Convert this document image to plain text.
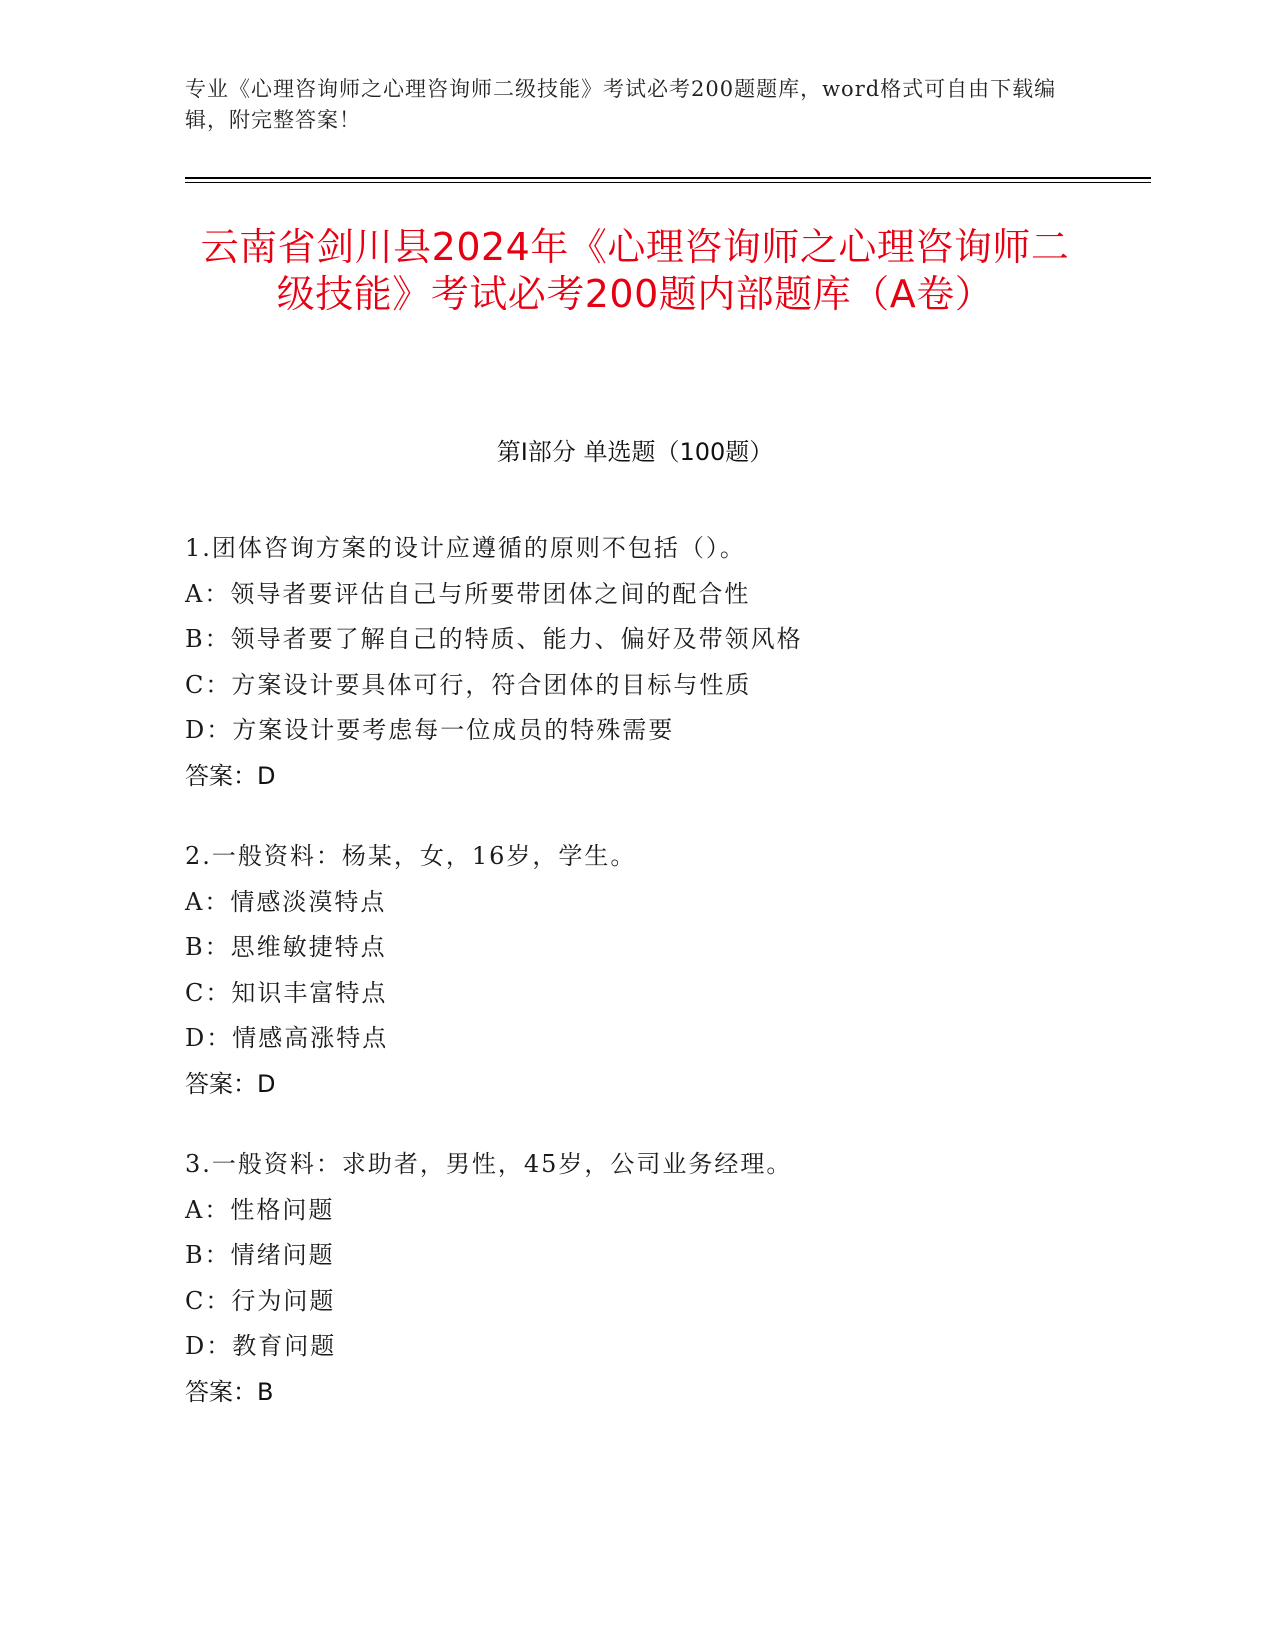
专业《心理咨询师之心理咨询师二级技能》考试必考200题题库，word格式可自由下载编辑，附完整答案！
云南省剑川县2024年《心理咨询师之心理咨询师二级技能》考试必考200题内部题库（A卷）
第Ⅰ部分 单选题（100题）
1.团体咨询方案的设计应遵循的原则不包括（）。
A：领导者要评估自己与所要带团体之间的配合性
B：领导者要了解自己的特质、能力、偏好及带领风格
C：方案设计要具体可行，符合团体的目标与性质
D：方案设计要考虑每一位成员的特殊需要
答案：D
2.一般资料：杨某，女，16岁，学生。
A：情感淡漠特点
B：思维敏捷特点
C：知识丰富特点
D：情感高涨特点
答案：D
3.一般资料：求助者，男性，45岁，公司业务经理。
A：性格问题
B：情绪问题
C：行为问题
D：教育问题
答案：B
